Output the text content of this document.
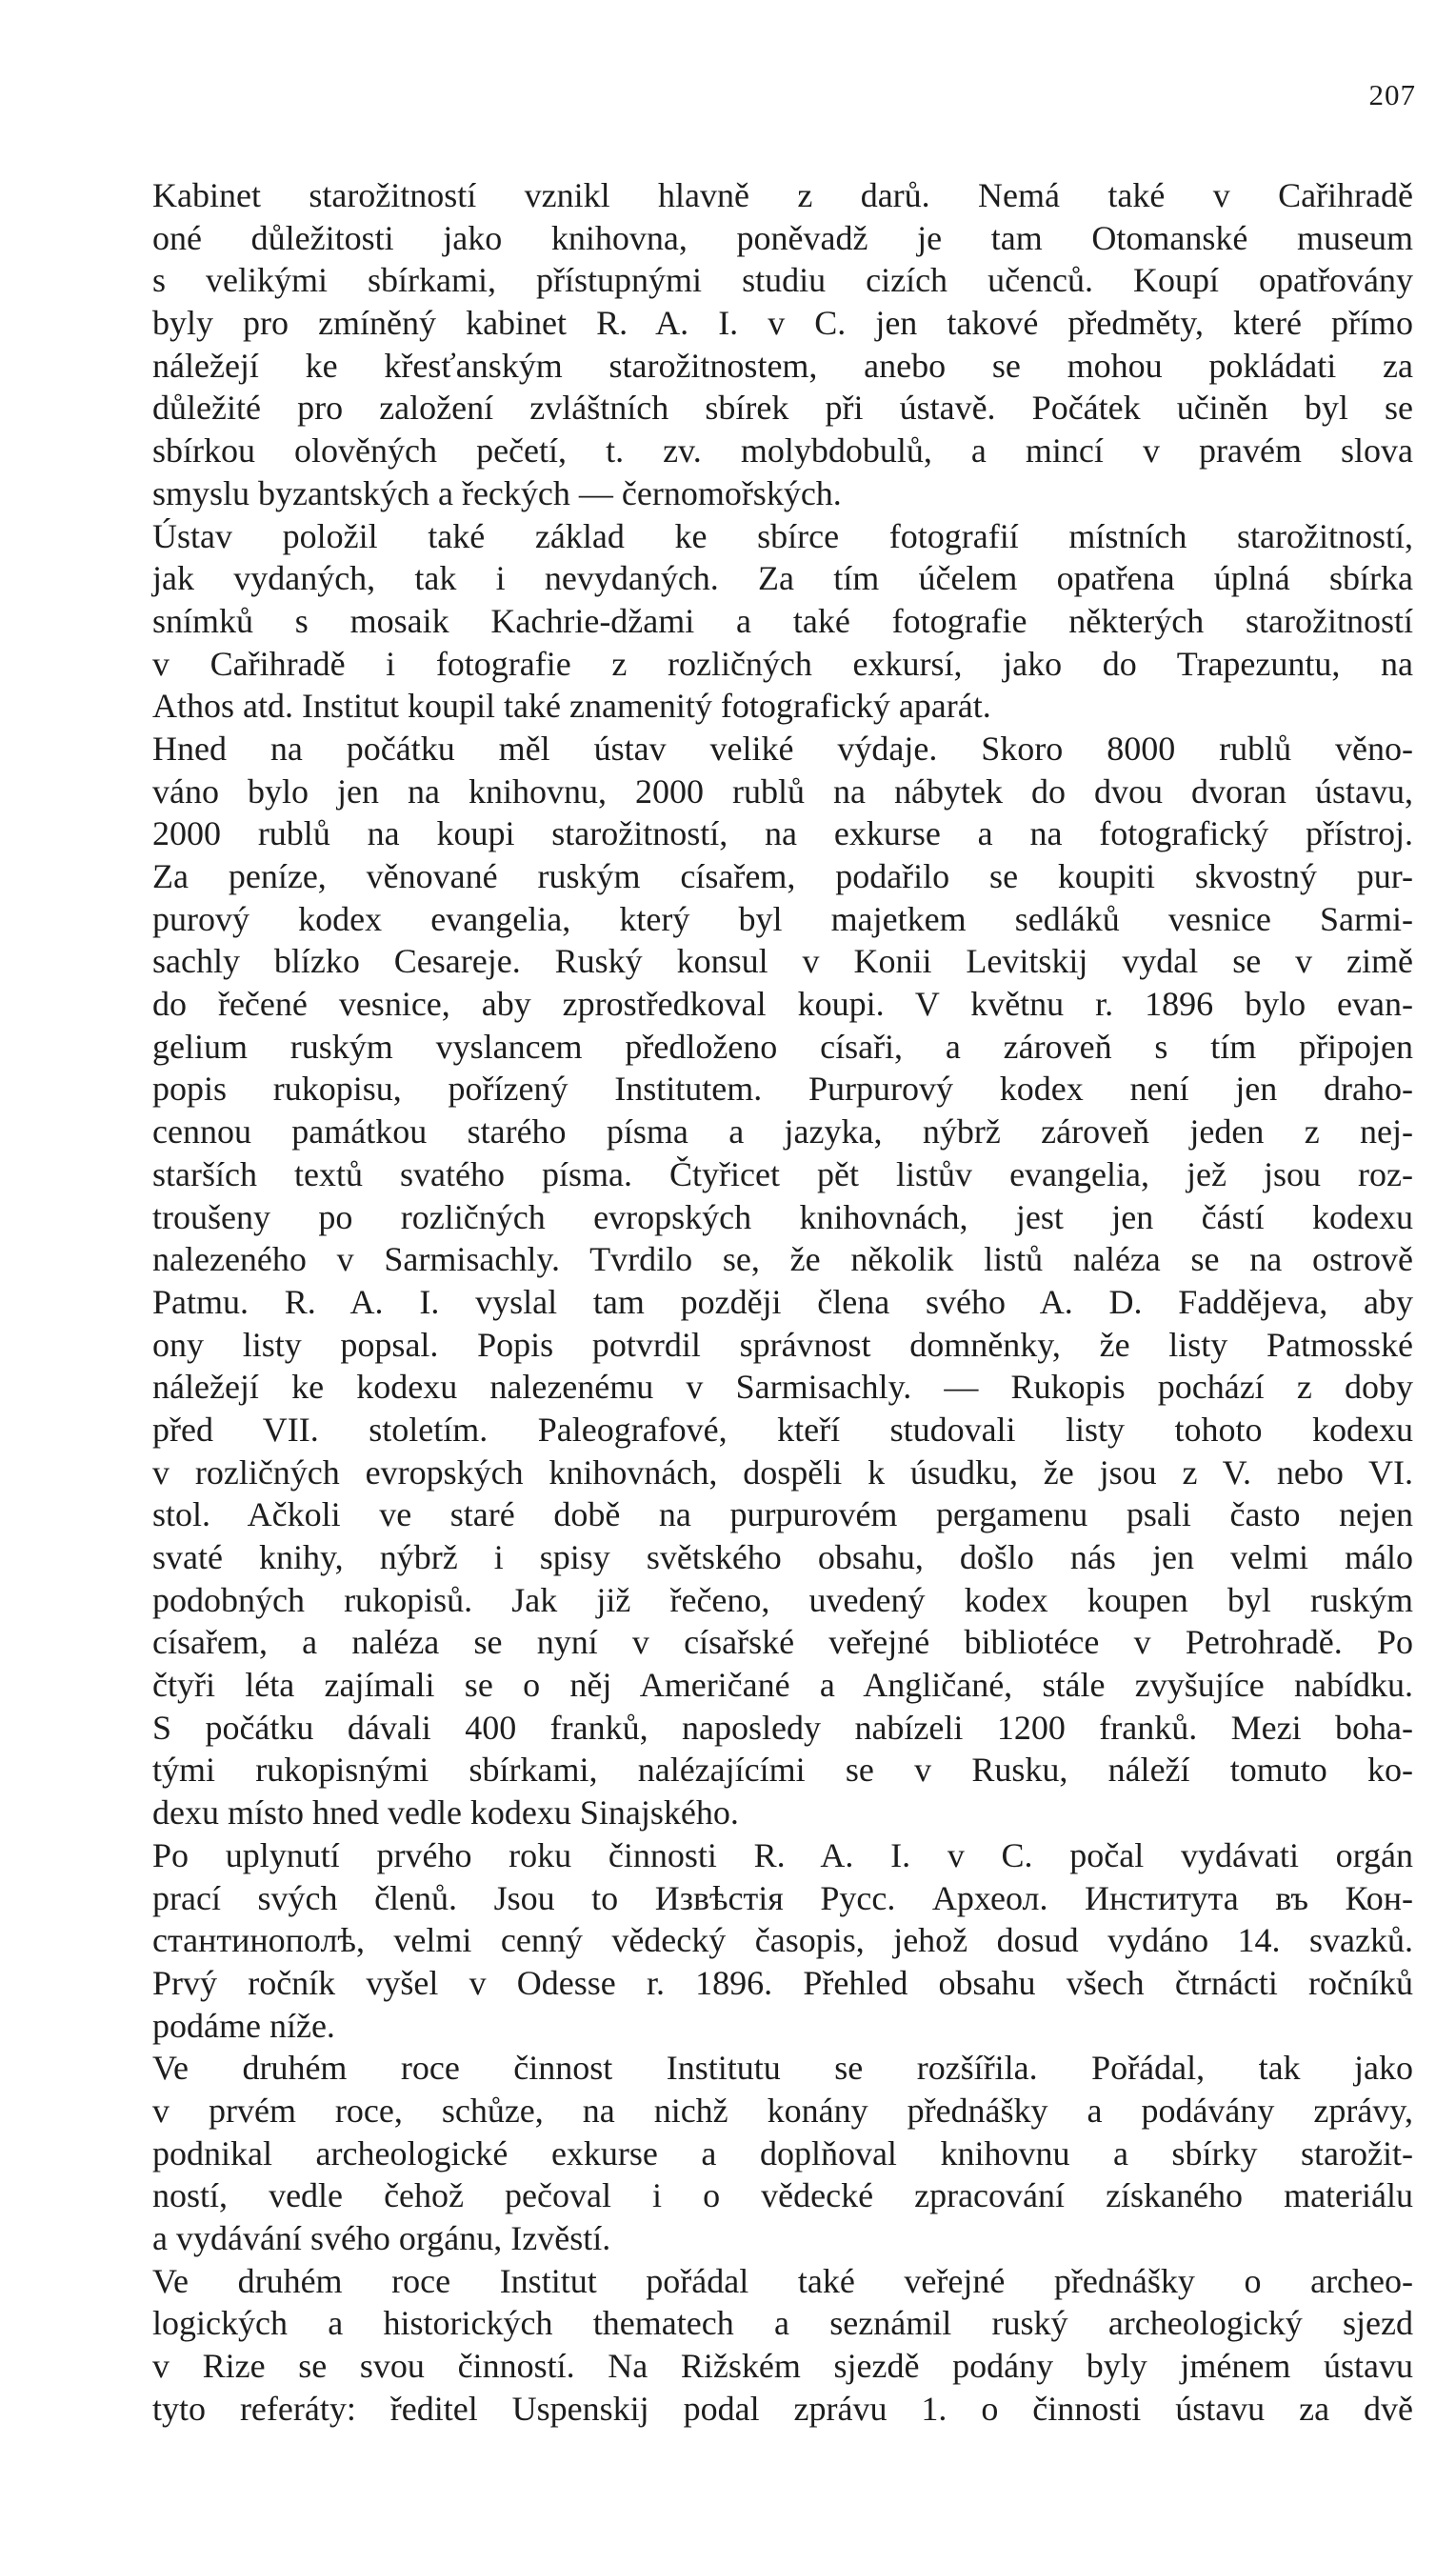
207
Kabinet starožitností vznikl hlavně z darů. Nemá také v Cařihradě
oné důležitosti jako knihovna, poněvadž je tam Otomanské museum
s velikými sbírkami, přístupnými studiu cizích učenců. Koupí opatřovány
byly pro zmíněný kabinet R. A. I. v C. jen takové předměty, které přímo
náležejí ke křesťanským starožitnostem, anebo se mohou pokládati za
důležité pro založení zvláštních sbírek při ústavě. Počátek učiněn byl se
sbírkou olověných pečetí, t. zv. molybdobulů, a mincí v pravém slova
smyslu byzantských a řeckých — černomořských.
Ústav položil také základ ke sbírce fotografií místních starožitností,
jak vydaných, tak i nevydaných. Za tím účelem opatřena úplná sbírka
snímků s mosaik Kachrie-džami a také fotografie některých starožitností
v Cařihradě i fotografie z rozličných exkursí, jako do Trapezuntu, na
Athos atd. Institut koupil také znamenitý fotografický aparát.
Hned na počátku měl ústav veliké výdaje. Skoro 8000 rublů věno-
váno bylo jen na knihovnu, 2000 rublů na nábytek do dvou dvoran ústavu,
2000 rublů na koupi starožitností, na exkurse a na fotografický přístroj.
Za peníze, věnované ruským císařem, podařilo se koupiti skvostný pur-
purový kodex evangelia, který byl majetkem sedláků vesnice Sarmi-
sachly blízko Cesareje. Ruský konsul v Konii Levitskij vydal se v zimě
do řečené vesnice, aby zprostředkoval koupi. V květnu r. 1896 bylo evan-
gelium ruským vyslancem předloženo císaři, a zároveň s tím připojen
popis rukopisu, pořízený Institutem. Purpurový kodex není jen draho-
cennou památkou starého písma a jazyka, nýbrž zároveň jeden z nej-
starších textů svatého písma. Čtyřicet pět listův evangelia, jež jsou roz-
troušeny po rozličných evropských knihovnách, jest jen částí kodexu
nalezeného v Sarmisachly. Tvrdilo se, že několik listů naléza se na ostrově
Patmu. R. A. I. vyslal tam později člena svého A. D. Fadděјeva, aby
ony listy popsal. Popis potvrdil správnost domněnky, že listy Patmosské
náležejí ke kodexu nalezenému v Sarmisachly. — Rukopis pochází z doby
před VII. stoletím. Paleografové, kteří studovali listy tohoto kodexu
v rozličných evropských knihovnách, dospěli k úsudku, že jsou z V. nebo VI.
stol. Ačkoli ve staré době na purpurovém pergamenu psali často nejen
svaté knihy, nýbrž i spisy světského obsahu, došlo nás jen velmi málo
podobných rukopisů. Jak již řečeno, uvedený kodex koupen byl ruským
císařem, a naléza se nyní v císařské veřejné bibliotéce v Petrohradě. Po
čtyři léta zajímali se o něj Američané a Angličané, stále zvyšujíce nabídku.
S počátku dávali 400 franků, naposledy nabízeli 1200 franků. Mezi boha-
tými rukopisnými sbírkami, nalézajícími se v Rusku, náleží tomuto ko-
dexu místo hned vedle kodexu Sinajského.
Po uplynutí prvého roku činnosti R. A. I. v C. počal vydávati orgán
prací svých členů. Jsou to Извѣстія Русс. Археол. Института въ Кон-
стантинополѣ, velmi cenný vědecký časopis, jehož dosud vydáno 14. svazků.
Prvý ročník vyšel v Odesse r. 1896. Přehled obsahu všech čtrnácti ročníků
podáme níže.
Ve druhém roce činnost Institutu se rozšířila. Pořádal, tak jako
v prvém roce, schůze, na nichž konány přednášky a podávány zprávy,
podnikal archeologické exkurse a doplňoval knihovnu a sbírky starožit-
ností, vedle čehož pečoval i o vědecké zpracování získaného materiálu
a vydávání svého orgánu, Izvěstí.
Ve druhém roce Institut pořádal také veřejné přednášky o archeo-
logických a historických thematech a seznámil ruský archeologický sjezd
v Rize se svou činností. Na Rižském sjezdě podány byly jménem ústavu
tyto referáty: ředitel Uspenskij podal zprávu 1. o činnosti ústavu za dvě
